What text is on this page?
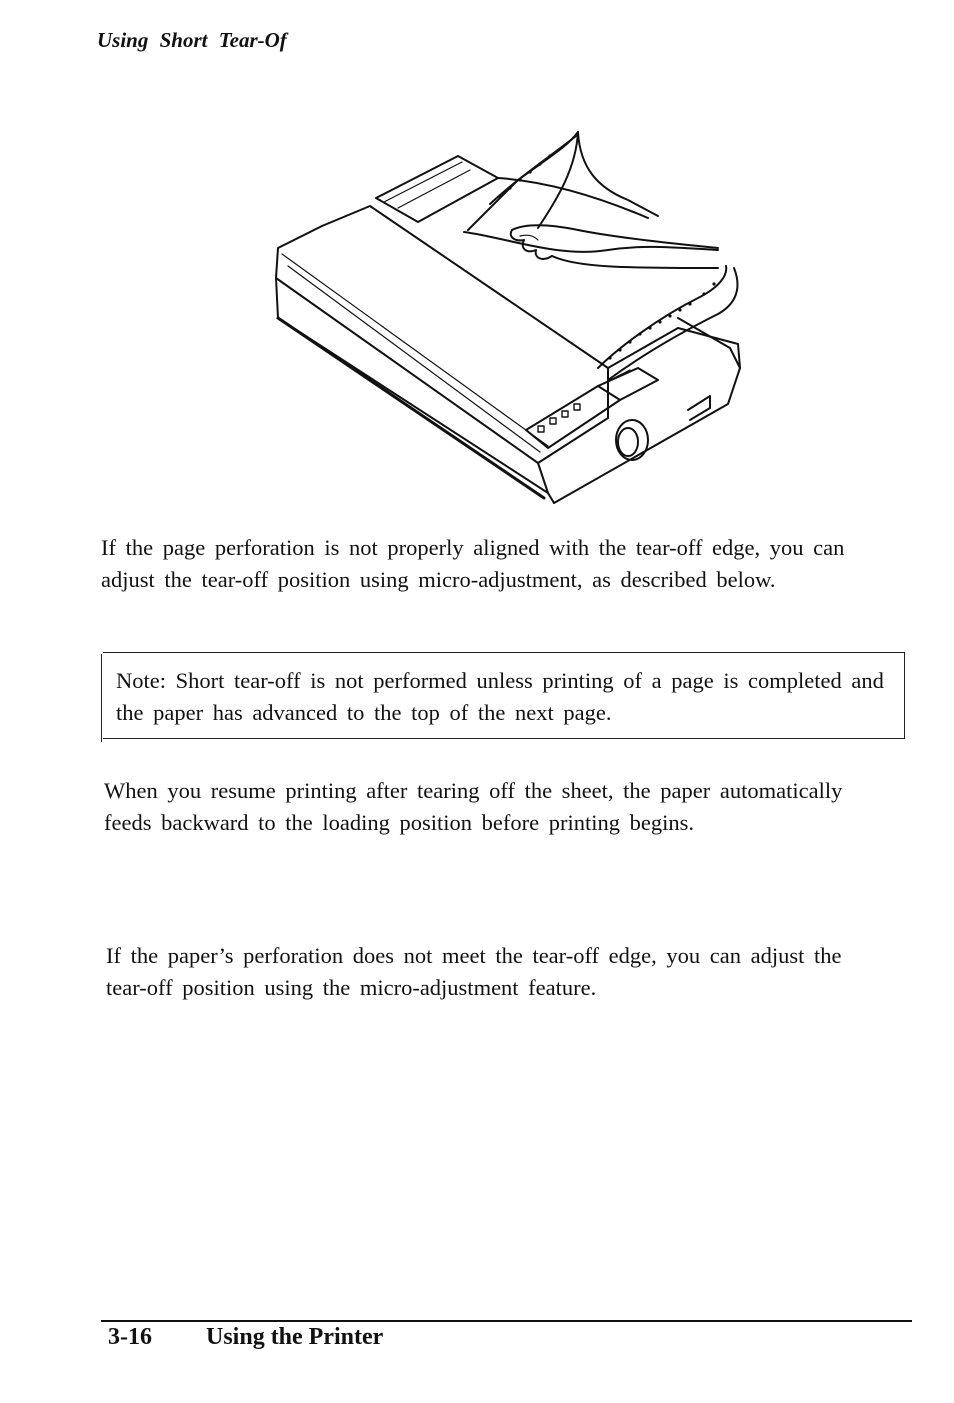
Using Short Tear-Of

If the page perforation is not properly aligned with the tear-off edge, you can adjust the tear-off position using micro-adjustment, as described below.

Note: Short tear-off is not performed unless printing of a page is completed and the paper has advanced to the top of the next page.

When you resume printing after tearing off the sheet, the paper automatically feeds backward to the loading position before printing begins.

If the paper’s perforation does not meet the tear-off edge, you can adjust the tear-off position using the micro-adjustment feature.

3-16 Using the Printer
